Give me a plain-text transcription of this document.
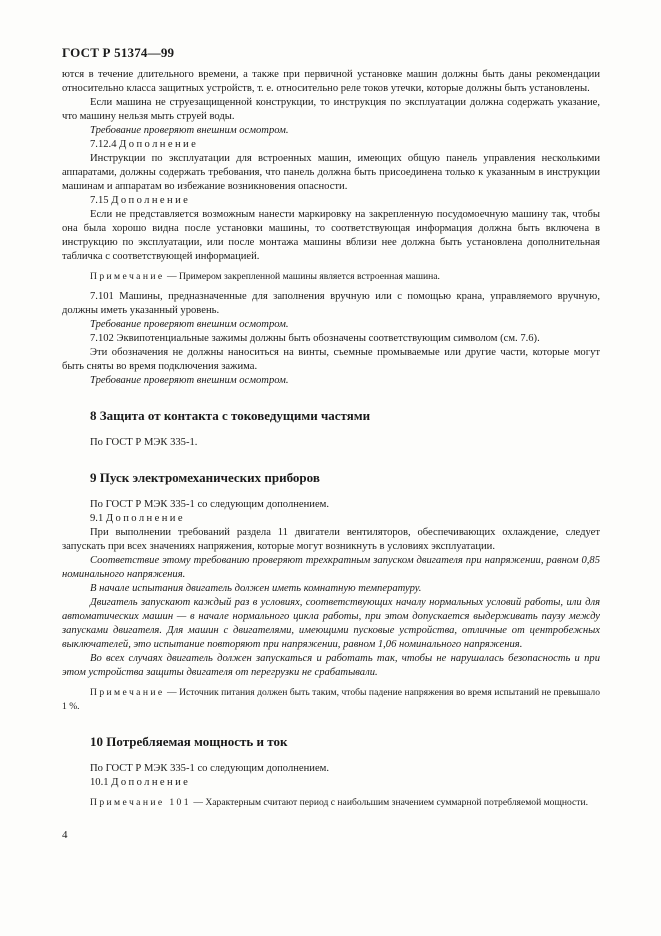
ГОСТ Р 51374—99

ются в течение длительного времени, а также при первичной установке машин должны быть даны рекомендации относительно класса защитных устройств, т. е. относительно реле токов утечки, которые должны быть установлены.

Если машина не струезащищенной конструкции, то инструкция по эксплуатации должна содержать указание, что машину нельзя мыть струей воды.

Требование проверяют внешним осмотром.

7.12.4 Дополнение

Инструкции по эксплуатации для встроенных машин, имеющих общую панель управления несколькими аппаратами, должны содержать требования, что панель должна быть присоединена только к указанным в инструкции машинам и аппаратам во избежание возникновения опасности.

7.15 Дополнение

Если не представляется возможным нанести маркировку на закрепленную посудомоечную машину так, чтобы она была хорошо видна после установки машины, то соответствующая информация должна быть включена в инструкцию по эксплуатации, или после монтажа машины вблизи нее должна быть установлена дополнительная табличка с соответствующей информацией.

Примечание — Примером закрепленной машины является встроенная машина.

7.101 Машины, предназначенные для заполнения вручную или с помощью крана, управляемого вручную, должны иметь указанный уровень.

Требование проверяют внешним осмотром.

7.102 Эквипотенциальные зажимы должны быть обозначены соответствующим символом (см. 7.6).

Эти обозначения не должны наноситься на винты, съемные промываемые или другие части, которые могут быть сняты во время подключения зажима.

Требование проверяют внешним осмотром.

8 Защита от контакта с токоведущими частями

По ГОСТ Р МЭК 335-1.

9 Пуск электромеханических приборов

По ГОСТ Р МЭК 335-1 со следующим дополнением.

9.1 Дополнение

При выполнении требований раздела 11 двигатели вентиляторов, обеспечивающих охлаждение, следует запускать при всех значениях напряжения, которые могут возникнуть в условиях эксплуатации.

Соответствие этому требованию проверяют трехкратным запуском двигателя при напряжении, равном 0,85 номинального напряжения.

В начале испытания двигатель должен иметь комнатную температуру.

Двигатель запускают каждый раз в условиях, соответствующих началу нормальных условий работы, или для автоматических машин — в начале нормального цикла работы, при этом допускается выдерживать паузу между запусками двигателя. Для машин с двигателями, имеющими пусковые устройства, отличные от центробежных выключателей, это испытание повторяют при напряжении, равном 1,06 номинального напряжения.

Во всех случаях двигатель должен запускаться и работать так, чтобы не нарушалась безопасность и при этом устройства защиты двигателя от перегрузки не срабатывали.

Примечание — Источник питания должен быть таким, чтобы падение напряжения во время испытаний не превышало 1 %.

10 Потребляемая мощность и ток

По ГОСТ Р МЭК 335-1 со следующим дополнением.

10.1 Дополнение

Примечание 101 — Характерным считают период с наибольшим значением суммарной потребляемой мощности.

4
